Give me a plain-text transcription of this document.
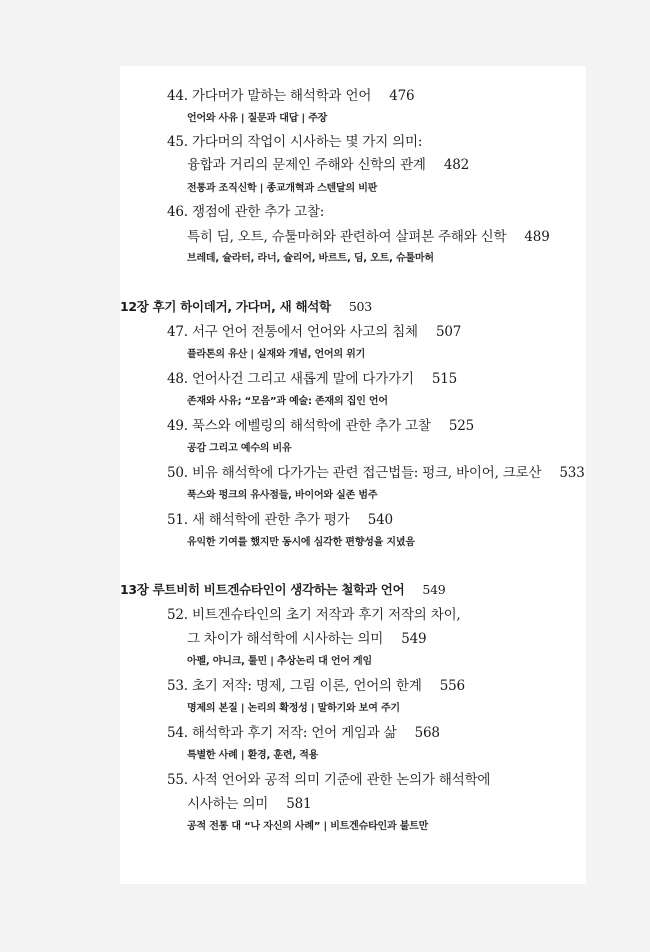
44. 가다머가 말하는 해석학과 언어 476
언어와 사유 | 질문과 대답 | 주장
45. 가다머의 작업이 시사하는 몇 가지 의미:
융합과 거리의 문제인 주해와 신학의 관계 482
전통과 조직신학 | 종교개혁과 스텐달의 비판
46. 쟁점에 관한 추가 고찰:
특히 딤, 오트, 슈툴마허와 관련하여 살펴본 주해와 신학 489
브레데, 슐라터, 라너, 슐리어, 바르트, 딤, 오트, 슈툴마허
12장 후기 하이데거, 가다머, 새 해석학 503
47. 서구 언어 전통에서 언어와 사고의 침체 507
플라톤의 유산 | 실재와 개념, 언어의 위기
48. 언어사건 그리고 새롭게 말에 다가가기 515
존재와 사유; “모음”과 예술: 존재의 집인 언어
49. 푹스와 에벨링의 해석학에 관한 추가 고찰 525
공감 그리고 예수의 비유
50. 비유 해석학에 다가가는 관련 접근법들: 펑크, 바이어, 크로산 533
푹스와 펑크의 유사점들, 바이어와 실존 범주
51. 새 해석학에 관한 추가 평가 540
유익한 기여를 했지만 동시에 심각한 편향성을 지녔음
13장 루트비히 비트겐슈타인이 생각하는 철학과 언어 549
52. 비트겐슈타인의 초기 저작과 후기 저작의 차이,
그 차이가 해석학에 시사하는 의미 549
아펠, 야니크, 툴민 | 추상논리 대 언어 게임
53. 초기 저작: 명제, 그림 이론, 언어의 한계 556
명제의 본질 | 논리의 확정성 | 말하기와 보여 주기
54. 해석학과 후기 저작: 언어 게임과 삶 568
특별한 사례 | 환경, 훈련, 적용
55. 사적 언어와 공적 의미 기준에 관한 논의가 해석학에
시사하는 의미 581
공적 전통 대 “나 자신의 사례” | 비트겐슈타인과 불트만
